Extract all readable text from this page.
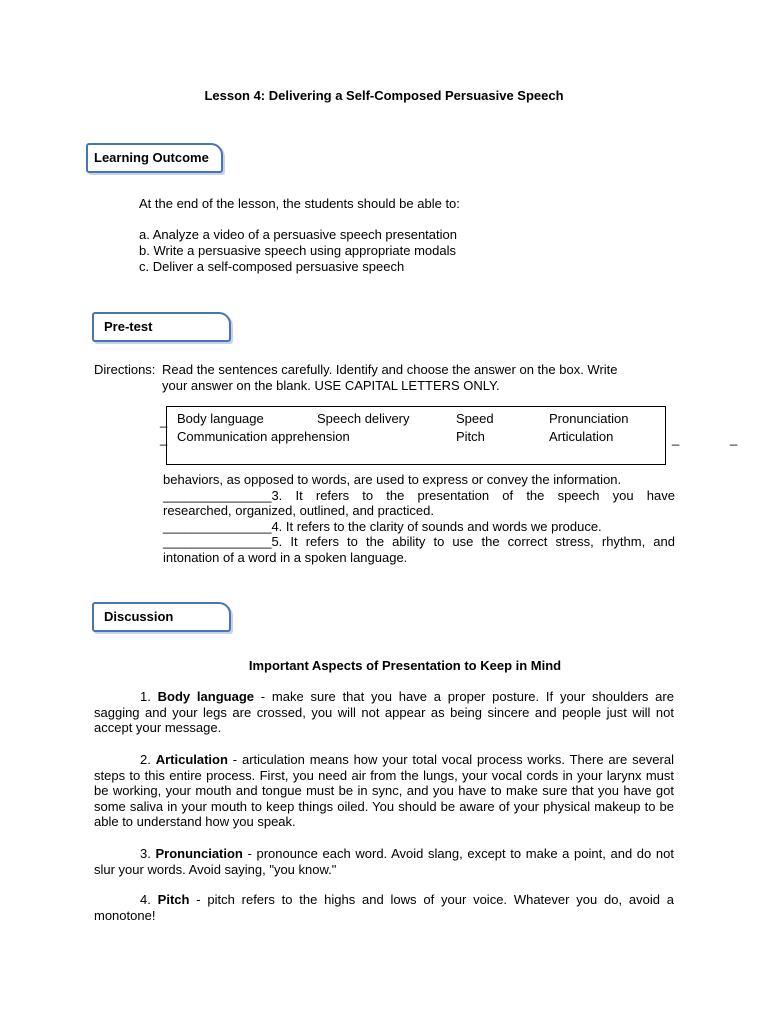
Lesson 4: Delivering a Self-Composed Persuasive Speech
Learning Outcome
At the end of the lesson, the students should be able to:
a. Analyze a video of a persuasive speech presentation
b. Write a persuasive speech using appropriate modals
c. Deliver a self-composed persuasive speech
Pre-test
Directions: Read the sentences carefully. Identify and choose the answer on the box. Write
your answer on the blank. USE CAPITAL LETTERS ONLY.
_
_	_	_
Body language	Speech delivery	Speed	Pronunciation
Communication apprehension	Pitch	Articulation
behaviors, as opposed to words, are used to express or convey the information.
_______________3. It refers to the presentation of the speech you have
researched, organized, outlined, and practiced.
_______________4. It refers to the clarity of sounds and words we produce.
_______________5. It refers to the ability to use the correct stress, rhythm, and
intonation of a word in a spoken language.
Discussion
Important Aspects of Presentation to Keep in Mind
1. Body language - make sure that you have a proper posture. If your shoulders are sagging and your legs are crossed, you will not appear as being sincere and people just will not accept your message.
2. Articulation - articulation means how your total vocal process works. There are several steps to this entire process. First, you need air from the lungs, your vocal cords in your larynx must be working, your mouth and tongue must be in sync, and you have to make sure that you have got some saliva in your mouth to keep things oiled. You should be aware of your physical makeup to be able to understand how you speak.
3. Pronunciation - pronounce each word. Avoid slang, except to make a point, and do not slur your words. Avoid saying, "you know."
4. Pitch - pitch refers to the highs and lows of your voice. Whatever you do, avoid a monotone!
